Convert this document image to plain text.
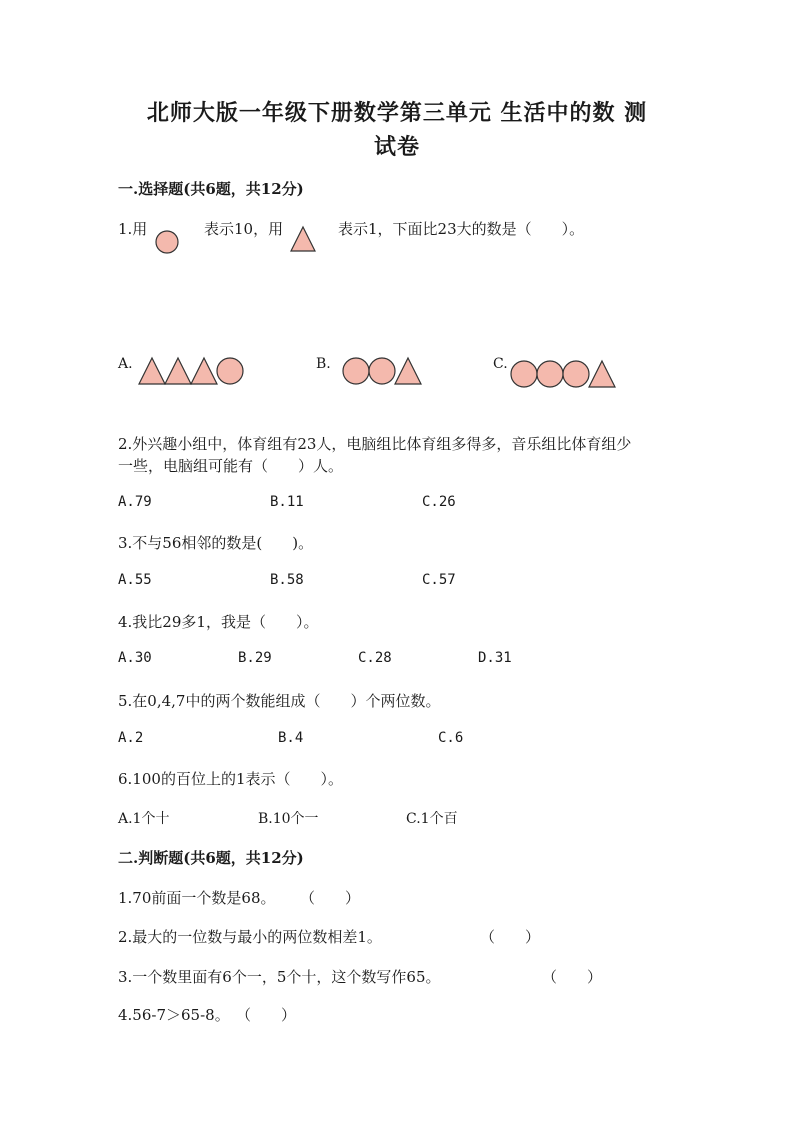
北师大版一年级下册数学第三单元 生活中的数 测
试卷
一.选择题(共6题，共12分)
1.用	表示10，用	表示1，下面比23大的数是（　　）。
A.	B.	C.
2.外兴趣小组中，体育组有23人，电脑组比体育组多得多，音乐组比体育组少
一些，电脑组可能有（　　）人。
A.79	B.11	C.26
3.不与56相邻的数是(　　)。
A.55	B.58	C.57
4.我比29多1，我是（　　）。
A.30	B.29	C.28	D.31
5.在0,4,7中的两个数能组成（　　）个两位数。
A.2	B.4	C.6
6.100的百位上的1表示（　　）。
A.1个十	B.10个一	C.1个百
二.判断题(共6题，共12分)
1.70前面一个数是68。 （　　）
2.最大的一位数与最小的两位数相差1。	（　　）
3.一个数里面有6个一，5个十，这个数写作65。	（　　）
4.56-7＞65-8。 （　　）
